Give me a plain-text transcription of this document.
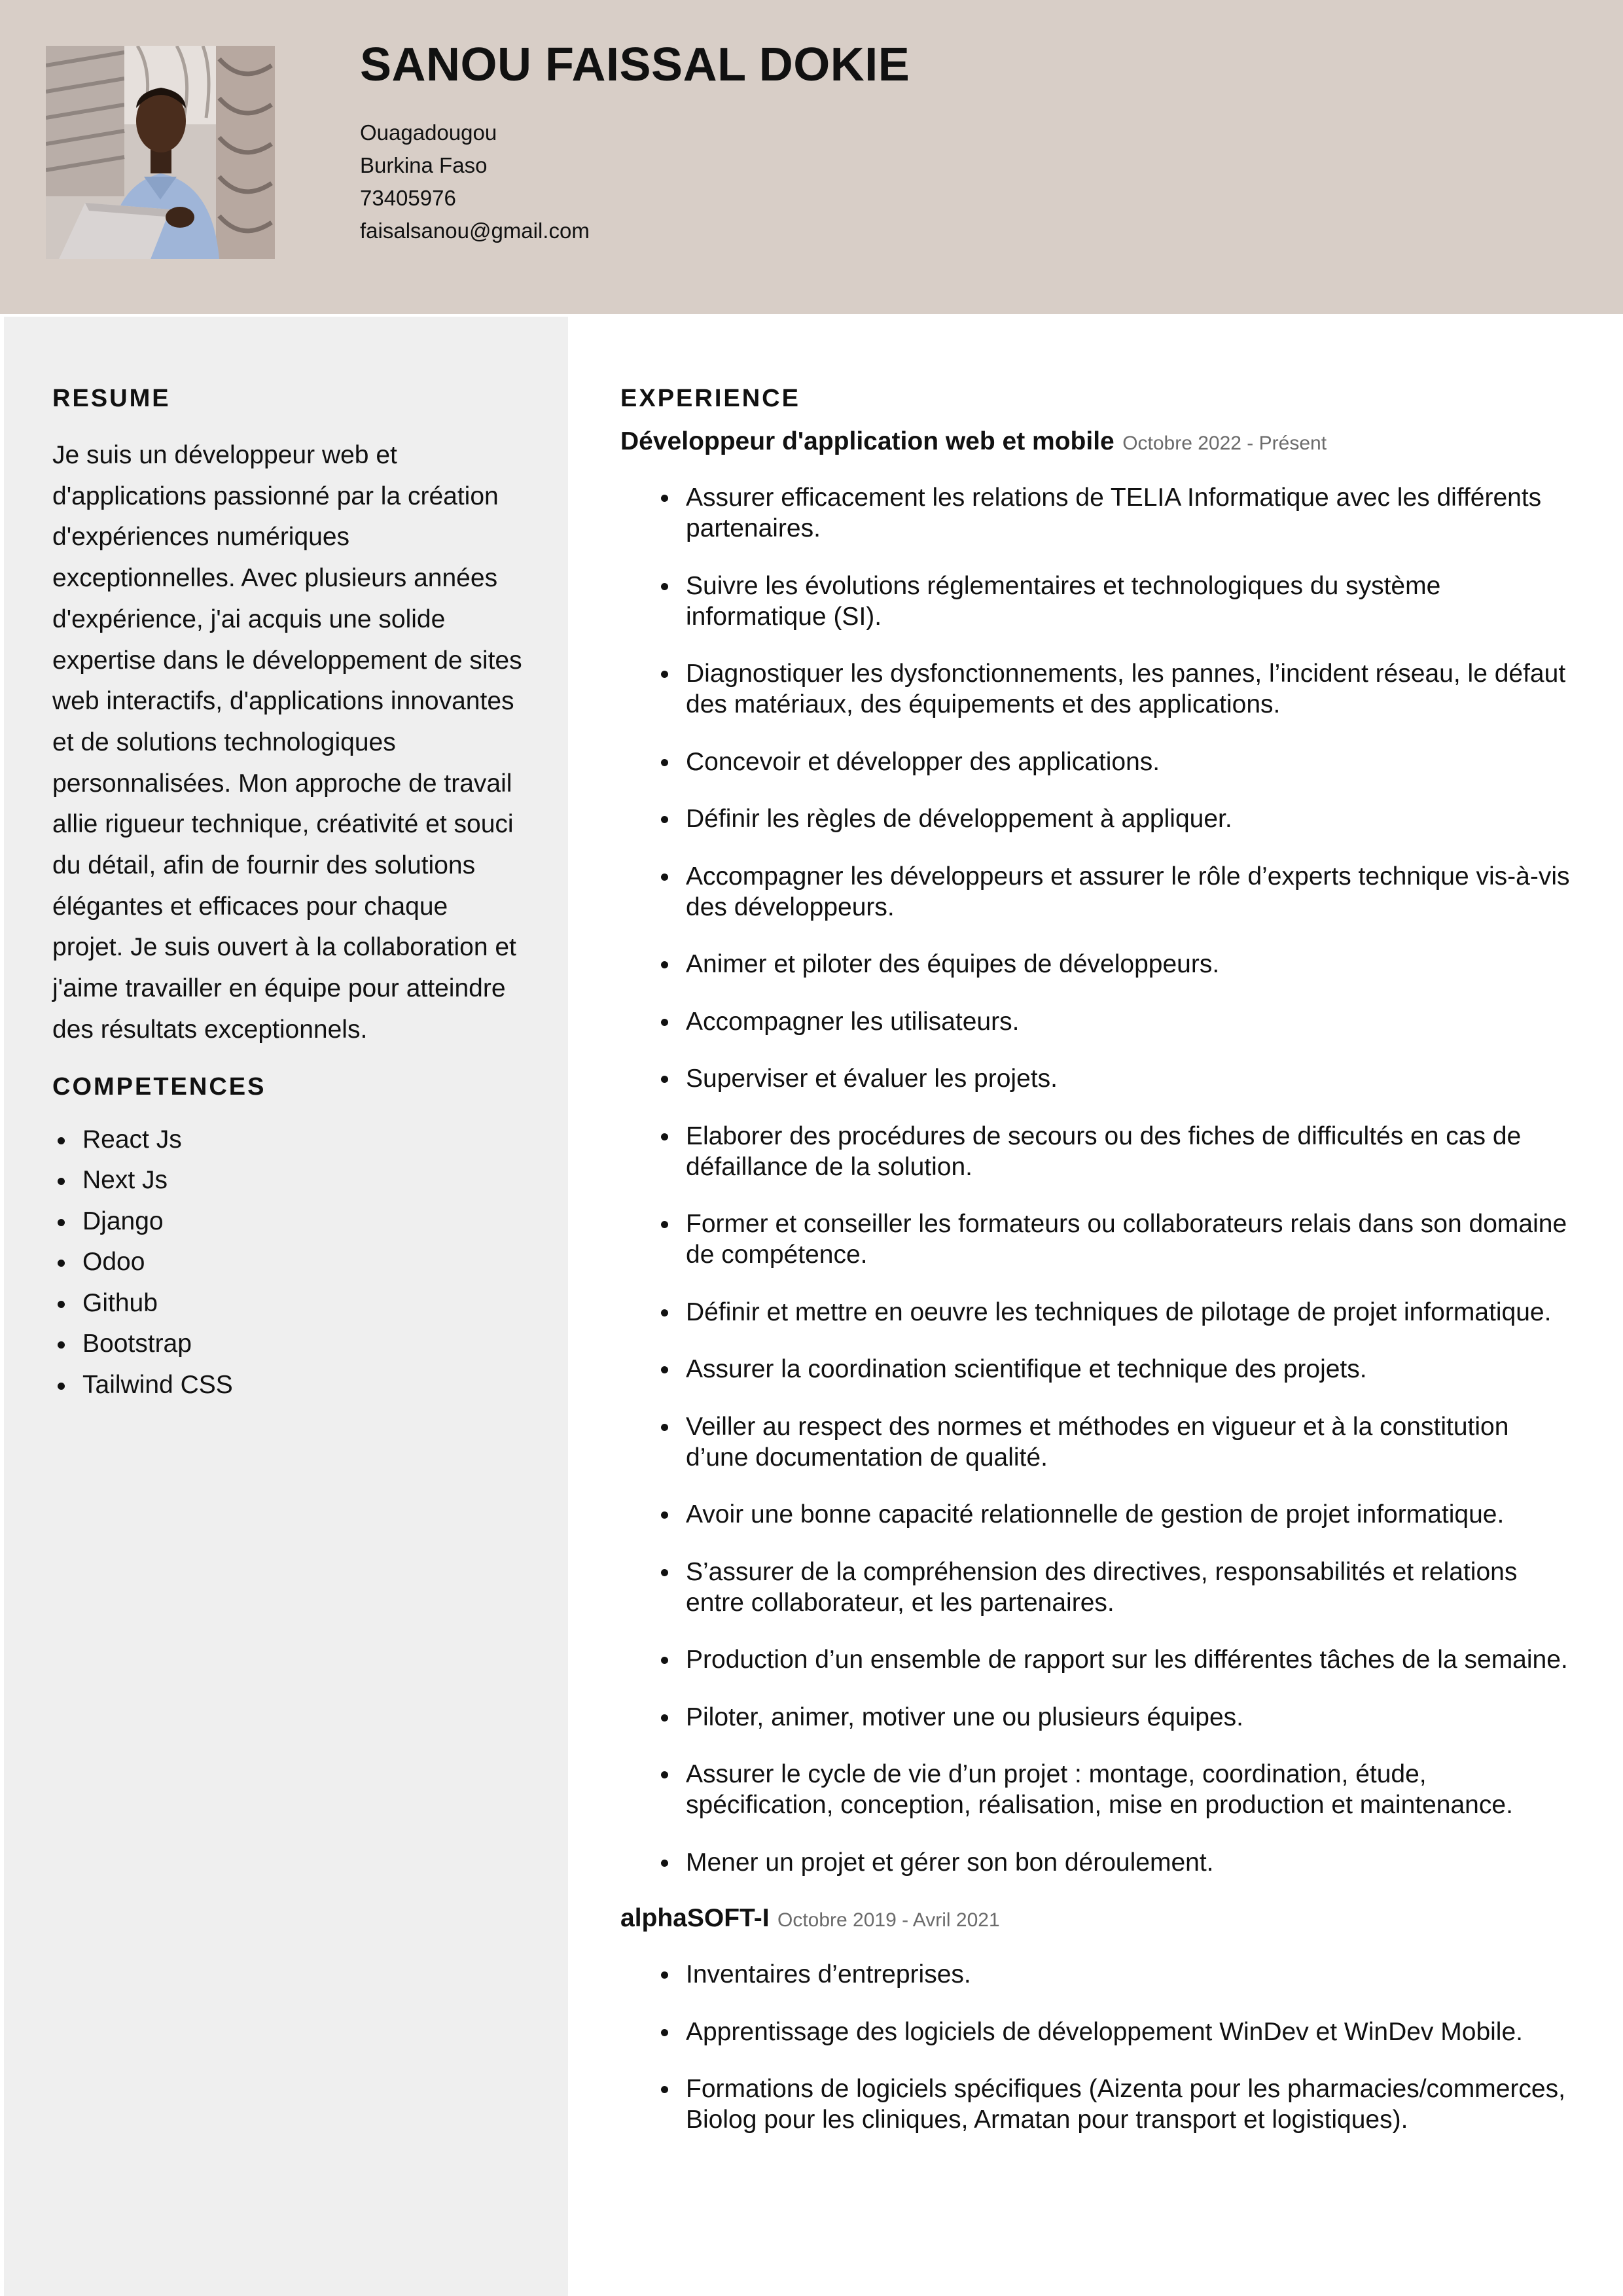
SANOU FAISSAL DOKIE
Ouagadougou
Burkina Faso
73405976
faisalsanou@gmail.com
RESUME

Je suis un développeur web et d'applications passionné par la création d'expériences numériques exceptionnelles. Avec plusieurs années d'expérience, j'ai acquis une solide expertise dans le développement de sites web interactifs, d'applications innovantes et de solutions technologiques personnalisées. Mon approche de travail allie rigueur technique, créativité et souci du détail, afin de fournir des solutions élégantes et efficaces pour chaque projet. Je suis ouvert à la collaboration et j'aime travailler en équipe pour atteindre des résultats exceptionnels.

COMPETENCES
React Js
Next Js
Django
Odoo
Github
Bootstrap
Tailwind CSS
EXPERIENCE
Développeur d'application web et mobile Octobre 2022 - Présent
Assurer efficacement les relations de TELIA Informatique avec les différents partenaires.
Suivre les évolutions réglementaires et technologiques du système informatique (SI).
Diagnostiquer les dysfonctionnements, les pannes, l’incident réseau, le défaut des matériaux, des équipements et des applications.
Concevoir et développer des applications.
Définir les règles de développement à appliquer.
Accompagner les développeurs et assurer le rôle d’experts technique vis-à-vis des développeurs.
Animer et piloter des équipes de développeurs.
Accompagner les utilisateurs.
Superviser et évaluer les projets.
Elaborer des procédures de secours ou des fiches de difficultés en cas de défaillance de la solution.
Former et conseiller les formateurs ou collaborateurs relais dans son domaine de compétence.
Définir et mettre en oeuvre les techniques de pilotage de projet informatique.
Assurer la coordination scientifique et technique des projets.
Veiller au respect des normes et méthodes en vigueur et à la constitution d’une documentation de qualité.
Avoir une bonne capacité relationnelle de gestion de projet informatique.
S’assurer de la compréhension des directives, responsabilités et relations entre collaborateur, et les partenaires.
Production d’un ensemble de rapport sur les différentes tâches de la semaine.
Piloter, animer, motiver une ou plusieurs équipes.
Assurer le cycle de vie d’un projet : montage, coordination, étude, spécification, conception, réalisation, mise en production et maintenance.
Mener un projet et gérer son bon déroulement.
alphaSOFT-I Octobre 2019 - Avril 2021
Inventaires d’entreprises.
Apprentissage des logiciels de développement WinDev et WinDev Mobile.
Formations de logiciels spécifiques (Aizenta pour les pharmacies/commerces, Biolog pour les cliniques, Armatan pour transport et logistiques).
